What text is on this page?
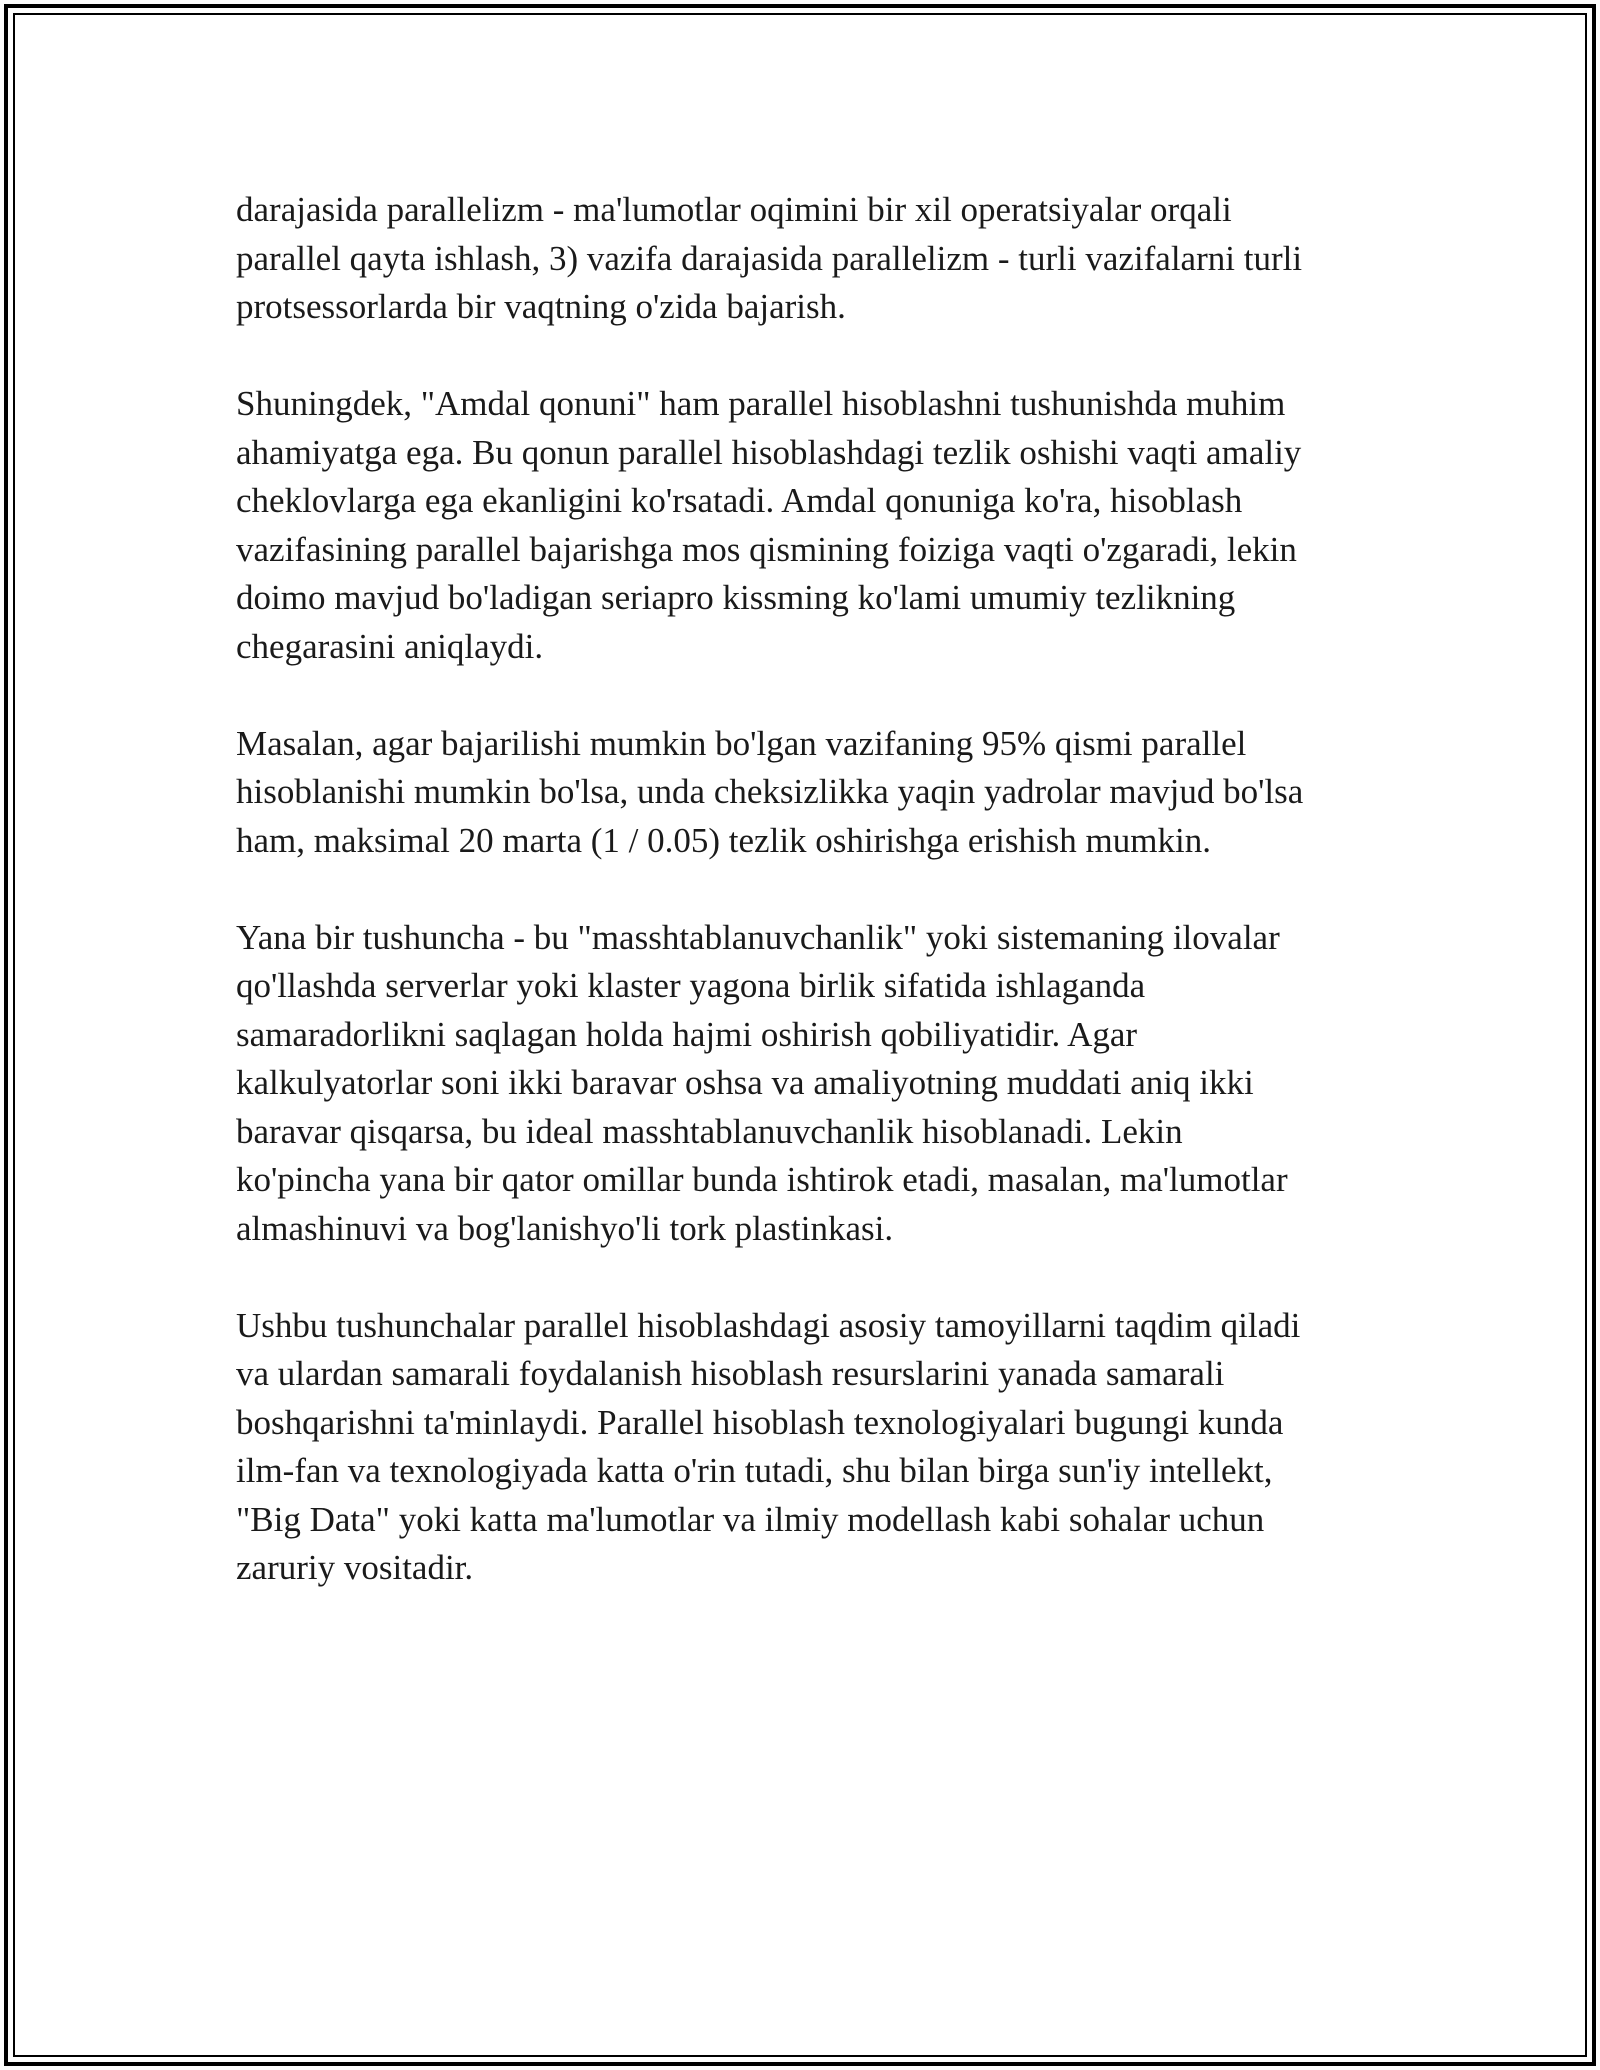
darajasida parallelizm - ma'lumotlar oqimini bir xil operatsiyalar orqali
parallel qayta ishlash, 3) vazifa darajasida parallelizm - turli vazifalarni turli
protsessorlarda bir vaqtning o'zida bajarish.

Shuningdek, "Amdal qonuni" ham parallel hisoblashni tushunishda muhim
ahamiyatga ega. Bu qonun parallel hisoblashdagi tezlik oshishi vaqti amaliy
cheklovlarga ega ekanligini ko'rsatadi. Amdal qonuniga ko'ra, hisoblash
vazifasining parallel bajarishga mos qismining foiziga vaqti o'zgaradi, lekin
doimo mavjud bo'ladigan seriapro kissming ko'lami umumiy tezlikning
chegarasini aniqlaydi.

Masalan, agar bajarilishi mumkin bo'lgan vazifaning 95% qismi parallel
hisoblanishi mumkin bo'lsa, unda cheksizlikka yaqin yadrolar mavjud bo'lsa
ham, maksimal 20 marta (1 / 0.05) tezlik oshirishga erishish mumkin.

Yana bir tushuncha - bu "masshtablanuvchanlik" yoki sistemaning ilovalar
qo'llashda serverlar yoki klaster yagona birlik sifatida ishlaganda
samaradorlikni saqlagan holda hajmi oshirish qobiliyatidir. Agar
kalkulyatorlar soni ikki baravar oshsa va amaliyotning muddati aniq ikki
baravar qisqarsa, bu ideal masshtablanuvchanlik hisoblanadi. Lekin
ko'pincha yana bir qator omillar bunda ishtirok etadi, masalan, ma'lumotlar
almashinuvi va bog'lanishyo'li tork plastinkasi.

Ushbu tushunchalar parallel hisoblashdagi asosiy tamoyillarni taqdim qiladi
va ulardan samarali foydalanish hisoblash resurslarini yanada samarali
boshqarishni ta'minlaydi. Parallel hisoblash texnologiyalari bugungi kunda
ilm-fan va texnologiyada katta o'rin tutadi, shu bilan birga sun'iy intellekt,
"Big Data" yoki katta ma'lumotlar va ilmiy modellash kabi sohalar uchun
zaruriy vositadir.
